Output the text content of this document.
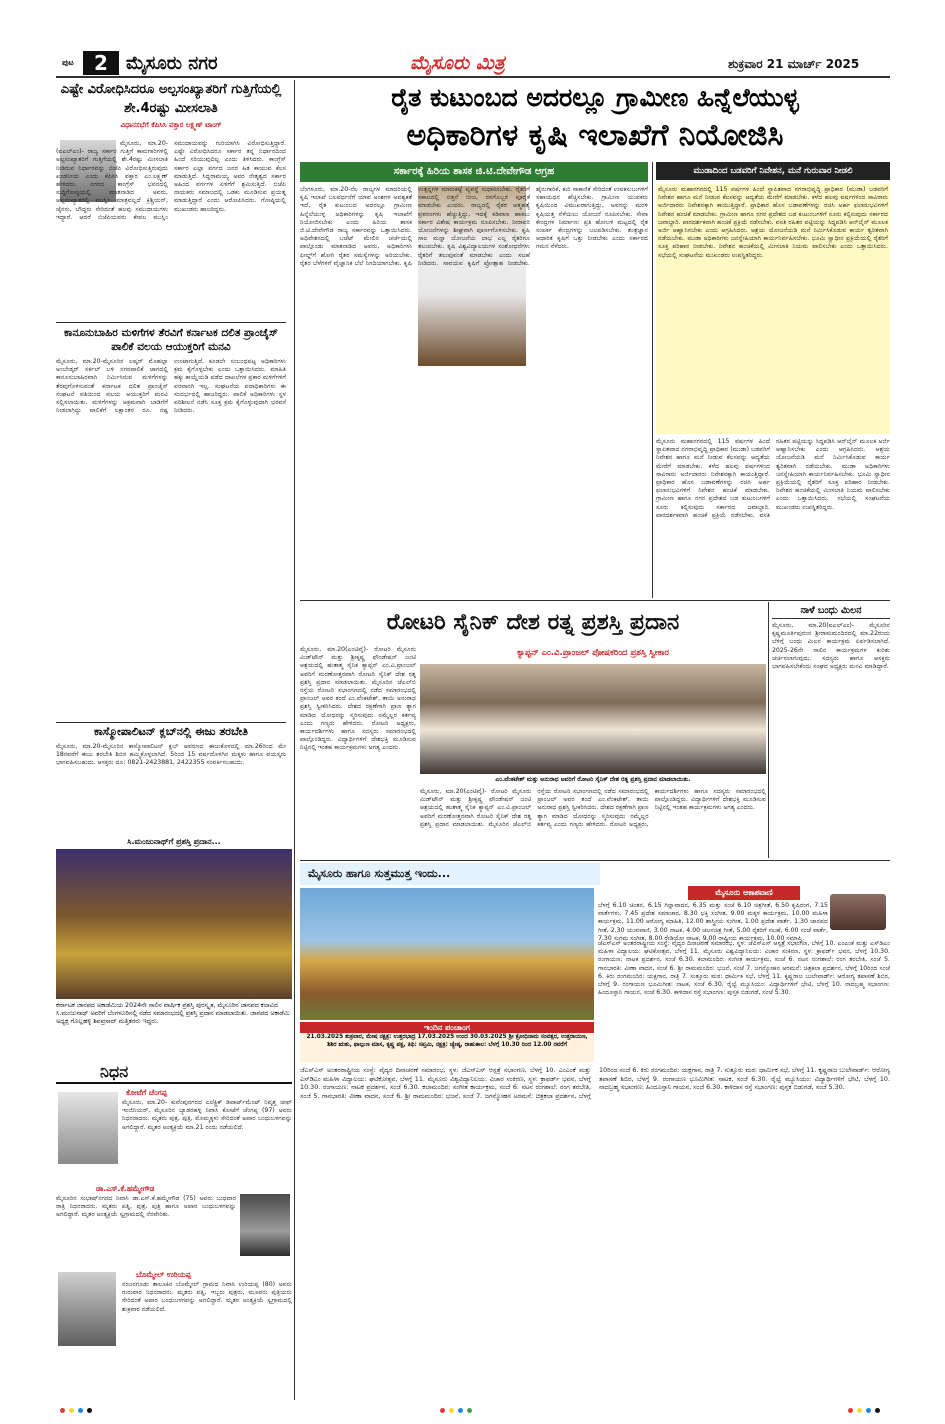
ಪುಟ	2	ಮೈಸೂರು ನಗರ	ಮೈಸೂರು ಮಿತ್ರ	ಶುಕ್ರವಾರ 21 ಮಾರ್ಚ್ 2025
ಎಷ್ಟೇ ವಿರೋಧಿಸಿದರೂ ಅಲ್ಪಸಂಖ್ಯಾತರಿಗೆ ಗುತ್ತಿಗೆಯಲ್ಲಿ ಶೇ.4ರಷ್ಟು ಮೀಸಲಾತಿ
ವಿಧಾನಸಭೆಗೆ ಕೆಪಿಸಿಸಿ ವಕ್ತಾರ ಲಕ್ಷ್ಮಣ್ ಟಾಂಗ್
ಮೈಸೂರು, ಮಾ.20- (ಐಎಲ್‌ಎಂ)- ರಾಜ್ಯ ಸರ್ಕಾರ ಗುತ್ತಿಗೆ ಕಾಮಗಾರಿಗಳಲ್ಲಿ ಅಲ್ಪಸಂಖ್ಯಾತರಿಗೆ ಗುತ್ತಿಗೆಯಲ್ಲಿ ಶೇ.4ರಷ್ಟು ಮೀಸಲಾತಿ ನೀಡಿರುವ ನಿರ್ಧಾರವನ್ನು ಬಿಜೆಪಿ ವಿರೋಧಿಸುತ್ತಿರುವುದು ಖಂಡನೀಯ ಎಂದು ಕೆಪಿಸಿಸಿ ವಕ್ತಾರ ಎಂ.ಲಕ್ಷ್ಮಣ್ ಹೇಳಿದರು. ನಗರದ ಕಾಂಗ್ರೆಸ್ ಭವನದಲ್ಲಿ ಸುದ್ದಿಗೋಷ್ಠಿಯಲ್ಲಿ ಮಾತನಾಡಿದ ಅವರು, ಅಲ್ಪಸಂಖ್ಯಾತರಲ್ಲಿ ಮುಸ್ಲಿಂ ಮಾತ್ರವಲ್ಲದೆ ಕ್ರಿಶ್ಚಿಯನ್, ಜೈನರು, ಬೌದ್ಧರು ಸೇರಿದಂತೆ ಹಲವು ಸಮುದಾಯಗಳು ಇದ್ದಾರೆ. ಆದರೆ ಬಿಜೆಪಿಯವರು ಕೇವಲ ಮುಸ್ಲಿಂ ಸಮುದಾಯವನ್ನು ಗುರಿಯಾಗಿಸಿ ವಿರೋಧಿಸುತ್ತಿದ್ದಾರೆ. ಎಷ್ಟೇ ವಿರೋಧಿಸಿದರೂ ಸರ್ಕಾರ ತನ್ನ ನಿರ್ಧಾರದಿಂದ ಹಿಂದೆ ಸರಿಯುವುದಿಲ್ಲ ಎಂದು ತಿಳಿಸಿದರು. ಕಾಂಗ್ರೆಸ್ ಸರ್ಕಾರ ಎಲ್ಲಾ ವರ್ಗದ ಜನರ ಹಿತ ಕಾಯುವ ಕೆಲಸ ಮಾಡುತ್ತಿದೆ. ಸಿದ್ದರಾಮಯ್ಯ ಅವರ ನೇತೃತ್ವದ ಸರ್ಕಾರ ಅಹಿಂದ ವರ್ಗಗಳ ಏಳಿಗೆಗೆ ಶ್ರಮಿಸುತ್ತಿದೆ. ಬಿಜೆಪಿ ನಾಯಕರು ಸಮಾಜದಲ್ಲಿ ಒಡಕು ಮೂಡಿಸುವ ಪ್ರಯತ್ನ ಮಾಡುತ್ತಿದ್ದಾರೆ ಎಂದು ಆರೋಪಿಸಿದರು. ಗೋಷ್ಠಿಯಲ್ಲಿ ಮುಖಂಡರು ಹಾಜರಿದ್ದರು.
ಕಾನೂನುಬಾಹಿರ ಮಳಿಗೆಗಳ ತೆರವಿಗೆ ಕರ್ನಾಟಕ ದಲಿತ ಪ್ರಾಂಚೈಸ್ ಪಾಲಿಕೆ ವಲಯ ಆಯುಕ್ತರಿಗೆ ಮನವಿ
ಮೈಸೂರು, ಮಾ.20-ಮೈಸೂರಿನ ಲಷ್ಕರ್ ಮೊಹಲ್ಲಾ ಅಂಬೇಡ್ಕರ್ ಸರ್ಕಲ್ ಬಳಿ ನಗರಪಾಲಿಕೆ ಜಾಗದಲ್ಲಿ ಕಾನೂನುಬಾಹಿರವಾಗಿ ನಿರ್ಮಿಸಿರುವ ಮಳಿಗೆಗಳನ್ನು ತೆರವುಗೊಳಿಸುವಂತೆ ಕರ್ನಾಟಕ ದಲಿತ ಪ್ರಾಂಚೈಸ್ ಸಂಘಟನೆ ವತಿಯಿಂದ ವಲಯ ಆಯುಕ್ತರಿಗೆ ಮನವಿ ಸಲ್ಲಿಸಲಾಯಿತು. ಮಳಿಗೆಗಳನ್ನು ಅಕ್ರಮವಾಗಿ ಬಾಡಿಗೆಗೆ ನೀಡಲಾಗಿದ್ದು ಪಾಲಿಕೆಗೆ ಲಕ್ಷಾಂತರ ರೂ. ನಷ್ಟ ಉಂಟಾಗುತ್ತಿದೆ. ಕೂಡಲೇ ಸಂಬಂಧಪಟ್ಟ ಅಧಿಕಾರಿಗಳು ಕ್ರಮ ಕೈಗೊಳ್ಳಬೇಕು ಎಂದು ಒತ್ತಾಯಿಸಿದರು. ಮಾಹಿತಿ ಹಕ್ಕು ಕಾಯ್ದೆಯಡಿ ಪಡೆದ ದಾಖಲೆಗಳ ಪ್ರಕಾರ ಮಳಿಗೆಗಳಿಗೆ ಪರವಾನಗಿ ಇಲ್ಲ. ಸಂಘಟನೆಯ ಪದಾಧಿಕಾರಿಗಳು ಈ ಸಂದರ್ಭದಲ್ಲಿ ಹಾಜರಿದ್ದರು. ಪಾಲಿಕೆ ಅಧಿಕಾರಿಗಳು ಸ್ಥಳ ಪರಿಶೀಲನೆ ನಡೆಸಿ ಸೂಕ್ತ ಕ್ರಮ ಕೈಗೊಳ್ಳುವುದಾಗಿ ಭರವಸೆ ನೀಡಿದರು.
ಕಾಸ್ಮೋಪಾಲಿಟನ್ ಕ್ಲಬ್‌ನಲ್ಲಿ ಈಜು ತರಬೇತಿ
ಮೈಸೂರು, ಮಾ.20-ಮೈಸೂರಿನ ಕಾಸ್ಮೋಪಾಲಿಟನ್ ಕ್ಲಬ್ ಆವರಣದ ಈಜುಕೊಳದಲ್ಲಿ ಮಾ.26ರಿಂದ ಮೇ 18ರವರೆಗೆ ಈಜು ತರಬೇತಿ ಶಿಬಿರ ಹಮ್ಮಿಕೊಳ್ಳಲಾಗಿದೆ. 5ರಿಂದ 15 ವರ್ಷದೊಳಗಿನ ಮಕ್ಕಳು ಹಾಗೂ ವಯಸ್ಕರು ಭಾಗವಹಿಸಬಹುದು. ಆಸಕ್ತರು ದೂ: 0821-2423881, 2422355 ಸಂಪರ್ಕಿಸಬಹುದು.
ಸಿ.ಮಂಜುನಾಥ್‌ಗೆ ಪ್ರಶಸ್ತಿ ಪ್ರದಾನ...
ಕರ್ನಾಟಕ ಜಾನಪದ ಅಕಾಡೆಮಿಯ 2024ನೇ ಸಾಲಿನ ವಾರ್ಷಿಕ ಪ್ರಶಸ್ತಿ ಪುರಸ್ಕೃತ, ಮೈಸೂರಿನ ಜಾನಪದ ಕಲಾವಿದ ಸಿ.ಮಂಜುನಾಥ್ ಅವರಿಗೆ ಬೆಂಗಳೂರಿನಲ್ಲಿ ನಡೆದ ಸಮಾರಂಭದಲ್ಲಿ ಪ್ರಶಸ್ತಿ ಪ್ರದಾನ ಮಾಡಲಾಯಿತು. ಜಾನಪದ ಅಕಾಡೆಮಿ ಅಧ್ಯಕ್ಷ ಗೊಲ್ಲಹಳ್ಳಿ ಶಿವಪ್ರಸಾದ್ ಮತ್ತಿತರರು ಇದ್ದರು.
ನಿಧನ
ಕೋಟೆಗೆ ಚೆಂಗಪ್ಪ
ಮೈಸೂರು, ಮಾ.20- ಕುವೆಂಪುನಗರದ ಎಲೆಕ್ಟ್ರಿಕ್ ಡಿಪಾರ್ಟ್‌ಮೆಂಟ್ ನಿವೃತ್ತ ಚೀಫ್ ಇಂಜಿನಿಯರ್, ಮೈಸೂರಿನ ಬ್ಯಾಡರಹಳ್ಳಿ ನಿವಾಸಿ ಕೋಟೆಗೆ ಚೆಂಗಪ್ಪ (97) ಅವರು ನಿಧನರಾದರು. ಮೃತರು ಪುತ್ರ, ಪುತ್ರಿ, ಮೊಮ್ಮಕ್ಕಳು ಸೇರಿದಂತೆ ಅಪಾರ ಬಂಧುಬಳಗವನ್ನು ಅಗಲಿದ್ದಾರೆ. ಮೃತರ ಅಂತ್ಯಕ್ರಿಯೆ ಮಾ.21 ರಂದು ನಡೆಯಲಿದೆ.
ಡಾ.ಎಸ್.ಕೆ.ಹಮ್ಮೇಗೌಡ
ಮೈಸೂರಿನ ಸುಭಾಷ್‌ನಗರದ ನಿವಾಸಿ ಡಾ.ಎಸ್.ಕೆ.ಹಮ್ಮೇಗೌಡ (75) ಅವರು ಬುಧವಾರ ರಾತ್ರಿ ನಿಧನರಾದರು. ಮೃತರು ಪತ್ನಿ, ಪುತ್ರ, ಪುತ್ರಿ ಹಾಗೂ ಅಪಾರ ಬಂಧುಬಳಗವನ್ನು ಅಗಲಿದ್ದಾರೆ. ಮೃತರ ಅಂತ್ಯಕ್ರಿಯೆ ಸ್ವಗ್ರಾಮದಲ್ಲಿ ನೆರವೇರಿತು.
ಬೊಮ್ಮೇಲ್ ಉರಿಯಪ್ಪ
ನಂಜನಗೂಡು ತಾಲೂಕಿನ ಬೊಮ್ಮೇಲ್ ಗ್ರಾಮದ ನಿವಾಸಿ ಉರಿಯಪ್ಪ (80) ಅವರು ಗುರುವಾರ ನಿಧನರಾದರು. ಮೃತರು ಪತ್ನಿ, ಇಬ್ಬರು ಪುತ್ರರು, ಮೂವರು ಪುತ್ರಿಯರು ಸೇರಿದಂತೆ ಅಪಾರ ಬಂಧುಬಳಗವನ್ನು ಅಗಲಿದ್ದಾರೆ. ಮೃತರ ಅಂತ್ಯಕ್ರಿಯೆ ಸ್ವಗ್ರಾಮದಲ್ಲಿ ಶುಕ್ರವಾರ ನಡೆಯಲಿದೆ.
ರೈತ ಕುಟುಂಬದ ಅದರಲ್ಲೂ ಗ್ರಾಮೀಣ ಹಿನ್ನೆಲೆಯುಳ್ಳ
ಅಧಿಕಾರಿಗಳ ಕೃಷಿ ಇಲಾಖೆಗೆ ನಿಯೋಜಿಸಿ
ಸರ್ಕಾರಕ್ಕೆ ಹಿರಿಯ ಶಾಸಕ ಜಿ.ಟಿ.ದೇವೇಗೌಡ ಆಗ್ರಹ
ಬೆಂಗಳೂರು, ಮಾ.20-ನೆಲ ರಾಜ್ಯಗಳ ಮಾದರಿಯಲ್ಲಿ ಕೃಷಿ ಇಲಾಖೆ ಬಲವರ್ಧನೆಗೆ ಯಾವ ಅಂಶಗಳ ಅವಶ್ಯಕತೆ ಇದೆ, ರೈತ ಕುಟುಂಬದ ಅದರಲ್ಲೂ ಗ್ರಾಮೀಣ ಹಿನ್ನೆಲೆಯುಳ್ಳ ಅಧಿಕಾರಿಗಳನ್ನು ಕೃಷಿ ಇಲಾಖೆಗೆ ನಿಯೋಜಿಸಬೇಕು ಎಂದು ಹಿರಿಯ ಶಾಸಕ ಜಿ.ಟಿ.ದೇವೇಗೌಡ ರಾಜ್ಯ ಸರ್ಕಾರವನ್ನು ಒತ್ತಾಯಿಸಿದರು. ಅಧಿವೇಶನದಲ್ಲಿ ಬಜೆಟ್ ಮೇಲಿನ ಚರ್ಚೆಯಲ್ಲಿ ಪಾಲ್ಗೊಂಡು ಮಾತನಾಡಿದ ಅವರು, ಅಧಿಕಾರಿಗಳು ಫೀಲ್ಡ್‌ಗೆ ಹೋಗಿ ರೈತರ ಸಮಸ್ಯೆಗಳನ್ನು ಅರಿಯಬೇಕು. ರೈತರ ಬೆಳೆಗಳಿಗೆ ವೈಜ್ಞಾನಿಕ ಬೆಲೆ ನಿಗದಿಯಾಗಬೇಕು. ಕೃಷಿ ಉತ್ಪನ್ನಗಳ ಮಾರುಕಟ್ಟೆ ವ್ಯವಸ್ಥೆ ಸುಧಾರಿಸಬೇಕು. ರೈತರಿಗೆ ಸಕಾಲದಲ್ಲಿ ಬಿತ್ತನೆ ಬೀಜ, ರಸಗೊಬ್ಬರ ಪೂರೈಕೆ ಮಾಡಬೇಕು ಎಂದರು. ರಾಜ್ಯದಲ್ಲಿ ರೈತರ ಆತ್ಮಹತ್ಯೆ ಪ್ರಕರಣಗಳು ಹೆಚ್ಚುತ್ತಿದ್ದು, ಇದಕ್ಕೆ ಕಡಿವಾಣ ಹಾಕಲು ಸರ್ಕಾರ ವಿಶೇಷ ಕಾರ್ಯಕ್ರಮ ರೂಪಿಸಬೇಕು. ನೀರಾವರಿ ಯೋಜನೆಗಳನ್ನು ಶೀಘ್ರವಾಗಿ ಪೂರ್ಣಗೊಳಿಸಬೇಕು. ಕೃಷಿ ಸಾಲ ಮನ್ನಾ ಯೋಜನೆಯ ಲಾಭ ಎಲ್ಲ ರೈತರಿಗೂ ತಲುಪಬೇಕು. ಕೃಷಿ ವಿಶ್ವವಿದ್ಯಾಲಯಗಳ ಸಂಶೋಧನೆಗಳು ರೈತರಿಗೆ ತಲುಪುವಂತೆ ಮಾಡಬೇಕು ಎಂದು ಸಲಹೆ ನೀಡಿದರು. ಸಾವಯವ ಕೃಷಿಗೆ ಪ್ರೋತ್ಸಾಹ ನೀಡಬೇಕು. ಹೈನುಗಾರಿಕೆ, ಕುರಿ ಸಾಕಾಣಿಕೆ ಸೇರಿದಂತೆ ಉಪಕಸುಬುಗಳಿಗೆ ಸಹಾಯಧನ ಹೆಚ್ಚಿಸಬೇಕು. ಗ್ರಾಮೀಣ ಯುವಕರು ಕೃಷಿಯಿಂದ ವಿಮುಖರಾಗುತ್ತಿದ್ದು, ಅವರನ್ನು ಮರಳಿ ಕೃಷಿಯತ್ತ ಸೆಳೆಯಲು ಯೋಜನೆ ರೂಪಿಸಬೇಕು. ಸೇವಾ ಕೇಂದ್ರಗಳ ನಿರ್ಮಾಣ: ಪ್ರತಿ ಹೋಬಳಿ ಮಟ್ಟದಲ್ಲಿ ರೈತ ಸಂಪರ್ಕ ಕೇಂದ್ರಗಳನ್ನು ಬಲಪಡಿಸಬೇಕು. ತಂತ್ರಜ್ಞಾನ ಆಧಾರಿತ ಕೃಷಿಗೆ ಒತ್ತು ನೀಡಬೇಕು ಎಂದು ಸರ್ಕಾರದ ಗಮನ ಸೆಳೆದರು.
ಮುಡಾದಿಂದ ಬಡವರಿಗೆ ನಿವೇಶನ, ಮನೆ ಗುರುವಾರ ನೀಡಲಿ
ಮೈಸೂರು ಮಹಾನಗರದಲ್ಲಿ 115 ವರ್ಷಗಳ ಹಿಂದೆ ಸ್ಥಾಪಿತವಾದ ನಗರಾಭಿವೃದ್ಧಿ ಪ್ರಾಧಿಕಾರ (ಮುಡಾ) ಬಡವರಿಗೆ ನಿವೇಶನ ಹಾಗೂ ಮನೆ ನೀಡುವ ಕೆಲಸವನ್ನು ಆದ್ಯತೆಯ ಮೇರೆಗೆ ಮಾಡಬೇಕು. ಕಳೆದ ಹಲವು ವರ್ಷಗಳಿಂದ ಸಾವಿರಾರು ಅರ್ಜಿದಾರರು ನಿವೇಶನಕ್ಕಾಗಿ ಕಾಯುತ್ತಿದ್ದಾರೆ. ಪ್ರಾಧಿಕಾರ ಹೊಸ ಬಡಾವಣೆಗಳನ್ನು ರಚಿಸಿ ಅರ್ಹ ಫಲಾನುಭವಿಗಳಿಗೆ ನಿವೇಶನ ಹಂಚಿಕೆ ಮಾಡಬೇಕು. ಗ್ರಾಮೀಣ ಹಾಗೂ ನಗರ ಪ್ರದೇಶದ ಬಡ ಕುಟುಂಬಗಳಿಗೆ ಸೂರು ಕಲ್ಪಿಸುವುದು ಸರ್ಕಾರದ ಜವಾಬ್ದಾರಿ. ಪಾರದರ್ಶಕವಾಗಿ ಹಂಚಿಕೆ ಪ್ರಕ್ರಿಯೆ ನಡೆಸಬೇಕು. ವಸತಿ ರಹಿತರ ಪಟ್ಟಿಯನ್ನು ಸಿದ್ಧಪಡಿಸಿ ಆನ್‌ಲೈನ್ ಮೂಲಕ ಅರ್ಜಿ ಆಹ್ವಾನಿಸಬೇಕು ಎಂದು ಆಗ್ರಹಿಸಿದರು. ಆಶ್ರಯ ಯೋಜನೆಯಡಿ ಮನೆ ನಿರ್ಮಿಸಿಕೊಡುವ ಕಾರ್ಯ ತ್ವರಿತವಾಗಿ ನಡೆಯಬೇಕು. ಮುಡಾ ಅಧಿಕಾರಿಗಳು ಜನಸ್ನೇಹಿಯಾಗಿ ಕಾರ್ಯನಿರ್ವಹಿಸಬೇಕು. ಭೂಮಿ ಸ್ವಾಧೀನ ಪ್ರಕ್ರಿಯೆಯಲ್ಲಿ ರೈತರಿಗೆ ಸೂಕ್ತ ಪರಿಹಾರ ನೀಡಬೇಕು. ನಿವೇಶನ ಹಂಚಿಕೆಯಲ್ಲಿ ಮೀಸಲಾತಿ ನಿಯಮ ಪಾಲಿಸಬೇಕು ಎಂದು ಒತ್ತಾಯಿಸಿದರು. ಸಭೆಯಲ್ಲಿ ಸಂಘಟನೆಯ ಮುಖಂಡರು ಉಪಸ್ಥಿತರಿದ್ದರು.
ಮೈಸೂರು ಮಹಾನಗರದಲ್ಲಿ 115 ವರ್ಷಗಳ ಹಿಂದೆ ಸ್ಥಾಪಿತವಾದ ನಗರಾಭಿವೃದ್ಧಿ ಪ್ರಾಧಿಕಾರ (ಮುಡಾ) ಬಡವರಿಗೆ ನಿವೇಶನ ಹಾಗೂ ಮನೆ ನೀಡುವ ಕೆಲಸವನ್ನು ಆದ್ಯತೆಯ ಮೇರೆಗೆ ಮಾಡಬೇಕು. ಕಳೆದ ಹಲವು ವರ್ಷಗಳಿಂದ ಸಾವಿರಾರು ಅರ್ಜಿದಾರರು ನಿವೇಶನಕ್ಕಾಗಿ ಕಾಯುತ್ತಿದ್ದಾರೆ. ಪ್ರಾಧಿಕಾರ ಹೊಸ ಬಡಾವಣೆಗಳನ್ನು ರಚಿಸಿ ಅರ್ಹ ಫಲಾನುಭವಿಗಳಿಗೆ ನಿವೇಶನ ಹಂಚಿಕೆ ಮಾಡಬೇಕು. ಗ್ರಾಮೀಣ ಹಾಗೂ ನಗರ ಪ್ರದೇಶದ ಬಡ ಕುಟುಂಬಗಳಿಗೆ ಸೂರು ಕಲ್ಪಿಸುವುದು ಸರ್ಕಾರದ ಜವಾಬ್ದಾರಿ. ಪಾರದರ್ಶಕವಾಗಿ ಹಂಚಿಕೆ ಪ್ರಕ್ರಿಯೆ ನಡೆಸಬೇಕು. ವಸತಿ ರಹಿತರ ಪಟ್ಟಿಯನ್ನು ಸಿದ್ಧಪಡಿಸಿ ಆನ್‌ಲೈನ್ ಮೂಲಕ ಅರ್ಜಿ ಆಹ್ವಾನಿಸಬೇಕು ಎಂದು ಆಗ್ರಹಿಸಿದರು. ಆಶ್ರಯ ಯೋಜನೆಯಡಿ ಮನೆ ನಿರ್ಮಿಸಿಕೊಡುವ ಕಾರ್ಯ ತ್ವರಿತವಾಗಿ ನಡೆಯಬೇಕು. ಮುಡಾ ಅಧಿಕಾರಿಗಳು ಜನಸ್ನೇಹಿಯಾಗಿ ಕಾರ್ಯನಿರ್ವಹಿಸಬೇಕು. ಭೂಮಿ ಸ್ವಾಧೀನ ಪ್ರಕ್ರಿಯೆಯಲ್ಲಿ ರೈತರಿಗೆ ಸೂಕ್ತ ಪರಿಹಾರ ನೀಡಬೇಕು. ನಿವೇಶನ ಹಂಚಿಕೆಯಲ್ಲಿ ಮೀಸಲಾತಿ ನಿಯಮ ಪಾಲಿಸಬೇಕು ಎಂದು ಒತ್ತಾಯಿಸಿದರು. ಸಭೆಯಲ್ಲಿ ಸಂಘಟನೆಯ ಮುಖಂಡರು ಉಪಸ್ಥಿತರಿದ್ದರು.
ರೋಟರಿ ಸೈನಿಕ್ ದೇಶ ರತ್ನ ಪ್ರಶಸ್ತಿ ಪ್ರದಾನ
ಕ್ಯಾಪ್ಟನ್ ಎಂ.ವಿ.ಪ್ರಾಂಜಲ್ ಪೋಷಕರಿಂದ ಪ್ರಶಸ್ತಿ ಸ್ವೀಕಾರ
ಮೈಸೂರು, ಮಾ.20(ಎಂಟಿವೈ)- ರೋಟರಿ ಮೈಸೂರು ಮಿಡ್‌ಟೌನ್ ಮತ್ತು ಶ್ರೀಕೃಷ್ಣ ಫೌಂಡೇಷನ್ ಜಂಟಿ ಆಶ್ರಯದಲ್ಲಿ ಹುತಾತ್ಮ ಸೈನಿಕ ಕ್ಯಾಪ್ಟನ್ ಎಂ.ವಿ.ಪ್ರಾಂಜಲ್ ಅವರಿಗೆ ಮರಣೋತ್ತರವಾಗಿ ರೋಟರಿ ಸೈನಿಕ್ ದೇಶ ರತ್ನ ಪ್ರಶಸ್ತಿ ಪ್ರದಾನ ಮಾಡಲಾಯಿತು. ಮೈಸೂರಿನ ಜೆಎಲ್‌ಬಿ ರಸ್ತೆಯ ರೋಟರಿ ಸಭಾಂಗಣದಲ್ಲಿ ನಡೆದ ಸಮಾರಂಭದಲ್ಲಿ ಪ್ರಾಂಜಲ್ ಅವರ ತಂದೆ ಎಂ.ವೆಂಕಟೇಶ್, ತಾಯಿ ಅನುರಾಧ ಪ್ರಶಸ್ತಿ ಸ್ವೀಕರಿಸಿದರು. ದೇಶದ ರಕ್ಷಣೆಗಾಗಿ ಪ್ರಾಣ ತ್ಯಾಗ ಮಾಡಿದ ಯೋಧರನ್ನು ಸ್ಮರಿಸುವುದು ನಮ್ಮೆಲ್ಲರ ಕರ್ತವ್ಯ ಎಂದು ಗಣ್ಯರು ಹೇಳಿದರು. ರೋಟರಿ ಅಧ್ಯಕ್ಷರು, ಕಾರ್ಯದರ್ಶಿಗಳು ಹಾಗೂ ಸದಸ್ಯರು ಸಮಾರಂಭದಲ್ಲಿ ಪಾಲ್ಗೊಂಡಿದ್ದರು. ವಿದ್ಯಾರ್ಥಿಗಳಿಗೆ ದೇಶಭಕ್ತಿ ಮೂಡಿಸುವ ನಿಟ್ಟಿನಲ್ಲಿ ಇಂತಹ ಕಾರ್ಯಕ್ರಮಗಳು ಅಗತ್ಯ ಎಂದರು.
ಎಂ.ವೆಂಕಟೇಶ್ ಮತ್ತು ಅನುರಾಧ ಅವರಿಗೆ ರೋಟರಿ ಸೈನಿಕ್ ದೇಶ ರತ್ನ ಪ್ರಶಸ್ತಿ ಪ್ರದಾನ ಮಾಡಲಾಯಿತು.
ಮೈಸೂರು, ಮಾ.20(ಎಂಟಿವೈ)- ರೋಟರಿ ಮೈಸೂರು ಮಿಡ್‌ಟೌನ್ ಮತ್ತು ಶ್ರೀಕೃಷ್ಣ ಫೌಂಡೇಷನ್ ಜಂಟಿ ಆಶ್ರಯದಲ್ಲಿ ಹುತಾತ್ಮ ಸೈನಿಕ ಕ್ಯಾಪ್ಟನ್ ಎಂ.ವಿ.ಪ್ರಾಂಜಲ್ ಅವರಿಗೆ ಮರಣೋತ್ತರವಾಗಿ ರೋಟರಿ ಸೈನಿಕ್ ದೇಶ ರತ್ನ ಪ್ರಶಸ್ತಿ ಪ್ರದಾನ ಮಾಡಲಾಯಿತು. ಮೈಸೂರಿನ ಜೆಎಲ್‌ಬಿ ರಸ್ತೆಯ ರೋಟರಿ ಸಭಾಂಗಣದಲ್ಲಿ ನಡೆದ ಸಮಾರಂಭದಲ್ಲಿ ಪ್ರಾಂಜಲ್ ಅವರ ತಂದೆ ಎಂ.ವೆಂಕಟೇಶ್, ತಾಯಿ ಅನುರಾಧ ಪ್ರಶಸ್ತಿ ಸ್ವೀಕರಿಸಿದರು. ದೇಶದ ರಕ್ಷಣೆಗಾಗಿ ಪ್ರಾಣ ತ್ಯಾಗ ಮಾಡಿದ ಯೋಧರನ್ನು ಸ್ಮರಿಸುವುದು ನಮ್ಮೆಲ್ಲರ ಕರ್ತವ್ಯ ಎಂದು ಗಣ್ಯರು ಹೇಳಿದರು. ರೋಟರಿ ಅಧ್ಯಕ್ಷರು, ಕಾರ್ಯದರ್ಶಿಗಳು ಹಾಗೂ ಸದಸ್ಯರು ಸಮಾರಂಭದಲ್ಲಿ ಪಾಲ್ಗೊಂಡಿದ್ದರು. ವಿದ್ಯಾರ್ಥಿಗಳಿಗೆ ದೇಶಭಕ್ತಿ ಮೂಡಿಸುವ ನಿಟ್ಟಿನಲ್ಲಿ ಇಂತಹ ಕಾರ್ಯಕ್ರಮಗಳು ಅಗತ್ಯ ಎಂದರು.
ನಾಳೆ ಬಂಧು ಮಿಲನ
ಮೈಸೂರು, ಮಾ.20(ಐಎಲ್‌ಎಂ)- ಮೈಸೂರಿನ ಕೃಷ್ಣಮೂರ್ತಿಪುರಂನ ಶ್ರೀರಾಮಮಂದಿರದಲ್ಲಿ ಮಾ.22ರಂದು ಬೆಳಿಗ್ಗೆ ಬಂಧು ಮಿಲನ ಕಾರ್ಯಕ್ರಮ ಏರ್ಪಡಿಸಲಾಗಿದೆ. 2025-26ನೇ ಸಾಲಿನ ಕಾರ್ಯಕ್ರಮಗಳ ಕುರಿತು ಚರ್ಚಿಸಲಾಗುವುದು. ಸದಸ್ಯರು ಹಾಗೂ ಆಸಕ್ತರು ಭಾಗವಹಿಸಬೇಕೆಂದು ಸಂಘದ ಅಧ್ಯಕ್ಷರು ಮನವಿ ಮಾಡಿದ್ದಾರೆ.
ಮೈಸೂರು ಹಾಗೂ ಸುತ್ತಮುತ್ತ ಇಂದು...
ಇಂದಿನ ಪಂಚಾಂಗ
21.03.2025 ಶುಕ್ರವಾರ, ಮೇಷ ನಕ್ಷತ್ರ: ಉತ್ತರಭಾದ್ರ 17.03.2025 ಉಂದ 30.03.2025 ಶ್ರೀ ಕ್ರೋಧಿನಾಮ ಸಂವತ್ಸರ, ಉತ್ತರಾಯಣ, ಶಿಶಿರ ಋತು, ಫಾಲ್ಗುಣ ಮಾಸ, ಕೃಷ್ಣ ಪಕ್ಷ, ತಿಥಿ: ಸಪ್ತಮಿ, ನಕ್ಷತ್ರ: ಜ್ಯೇಷ್ಠ, ರಾಹುಕಾಲ: ಬೆಳಗ್ಗೆ 10.30 ರಿಂದ 12.00 ರವರೆಗೆ
ಮೈಸೂರು ಆಕಾಶವಾಣಿ
ಬೆಳಗ್ಗೆ 6.10 ಚಿಂತನ, 6.15 ಗಿನ್ನಾವಾದನ, 6.35 ಮತ್ತು ಸಂಜೆ 6.10 ಚಿತ್ರಗೀತೆ, 6.50 ಕೃಷಿರಂಗ, 7.15 ವಾರ್ತೆಗಳು, 7.45 ಪ್ರದೇಶ ಸಮಾಚಾರ, 8.30 ಭಕ್ತಿ ಸಂಗೀತ, 9.00 ಮಕ್ಕಳ ಕಾರ್ಯಕ್ರಮ, 10.00 ಮಹಿಳಾ ಕಾರ್ಯಕ್ರಮ, 11.00 ಆರೋಗ್ಯ ಮಾಹಿತಿ, 12.00 ಶಾಸ್ತ್ರೀಯ ಸಂಗೀತ, 1.00 ಪ್ರದೇಶ ವಾರ್ತೆ, 1.30 ಜಾನಪದ ಗೀತೆ, 2.30 ಯುವವಾಣಿ, 3.00 ನಾಟಕ, 4.00 ಚಲನಚಿತ್ರ ಗೀತೆ, 5.00 ರೈತರಿಗೆ ಸಲಹೆ, 6.00 ಸಂಜೆ ವಾರ್ತೆ, 7.30 ಸುಗಮ ಸಂಗೀತ, 8.00 ರೇಡಿಯೋ ನಾಟಕ, 9.00 ರಾಷ್ಟ್ರೀಯ ಕಾರ್ಯಕ್ರಮ, 10.00 ಸಮಾಪ್ತಿ.
ಜೆಎಸ್‌ಎಸ್ ಅಂತರರಾಷ್ಟ್ರೀಯ ಸಂಸ್ಥೆ: ವೈದ್ಯರ ದಿನಾಚರಣೆ ಸಮಾರಂಭ, ಸ್ಥಳ: ಜೆಎಸ್‌ಎಸ್ ಆಸ್ಪತ್ರೆ ಸಭಾಂಗಣ, ಬೆಳಗ್ಗೆ 10. ಎಂಎಂಕೆ ಮತ್ತು ಎಸ್‌ಡಿಎಂ ಮಹಿಳಾ ವಿದ್ಯಾಲಯ: ಘಟಿಕೋತ್ಸವ, ಬೆಳಗ್ಗೆ 11. ಮೈಸೂರು ವಿಶ್ವವಿದ್ಯಾನಿಲಯ: ವಿಚಾರ ಸಂಕಿರಣ, ಸ್ಥಳ: ಕ್ರಾಫರ್ಡ್ ಭವನ, ಬೆಳಗ್ಗೆ 10.30. ರಂಗಾಯಣ: ನಾಟಕ ಪ್ರದರ್ಶನ, ಸಂಜೆ 6.30. ಕಲಾಮಂದಿರ: ಸಂಗೀತ ಕಾರ್ಯಕ್ರಮ, ಸಂಜೆ 6. ನಟನ ರಂಗಶಾಲೆ: ರಂಗ ತರಬೇತಿ, ಸಂಜೆ 5. ಗಾನಭಾರತಿ: ವೀಣಾ ವಾದನ, ಸಂಜೆ 6. ಶ್ರೀ ರಾಮಮಂದಿರ: ಭಜನೆ, ಸಂಜೆ 7. ಜಗನ್ಮೋಹನ ಅರಮನೆ: ಚಿತ್ರಕಲಾ ಪ್ರದರ್ಶನ, ಬೆಳಗ್ಗೆ 10ರಿಂದ ಸಂಜೆ 6. ಕಿರು ರಂಗಮಂದಿರ: ಯಕ್ಷಗಾನ, ರಾತ್ರಿ 7. ಸುತ್ತೂರು ಮಠ: ಧಾರ್ಮಿಕ ಸಭೆ, ಬೆಳಗ್ಗೆ 11. ಕೃಷ್ಣರಾಜ ಬುಲೇವಾರ್ಡ್: ಆರೋಗ್ಯ ತಪಾಸಣೆ ಶಿಬಿರ, ಬೆಳಗ್ಗೆ 9. ರಂಗಾಯಣ ಭೂಮಿಗೀತ: ನಾಟಕ, ಸಂಜೆ 6.30. ರೈಲ್ವೆ ಮ್ಯೂಸಿಯಂ: ವಿದ್ಯಾರ್ಥಿಗಳಿಗೆ ಭೇಟಿ, ಬೆಳಗ್ಗೆ 10. ನಾದಬ್ರಹ್ಮ ಸಭಾಂಗಣ: ಹಿಂದೂಸ್ತಾನಿ ಗಾಯನ, ಸಂಜೆ 6.30. ಕಾಳಿದಾಸ ರಸ್ತೆ ಸಭಾಂಗಣ: ಪುಸ್ತಕ ಬಿಡುಗಡೆ, ಸಂಜೆ 5.30.
ಜೆಎಸ್‌ಎಸ್ ಅಂತರರಾಷ್ಟ್ರೀಯ ಸಂಸ್ಥೆ: ವೈದ್ಯರ ದಿನಾಚರಣೆ ಸಮಾರಂಭ, ಸ್ಥಳ: ಜೆಎಸ್‌ಎಸ್ ಆಸ್ಪತ್ರೆ ಸಭಾಂಗಣ, ಬೆಳಗ್ಗೆ 10. ಎಂಎಂಕೆ ಮತ್ತು ಎಸ್‌ಡಿಎಂ ಮಹಿಳಾ ವಿದ್ಯಾಲಯ: ಘಟಿಕೋತ್ಸವ, ಬೆಳಗ್ಗೆ 11. ಮೈಸೂರು ವಿಶ್ವವಿದ್ಯಾನಿಲಯ: ವಿಚಾರ ಸಂಕಿರಣ, ಸ್ಥಳ: ಕ್ರಾಫರ್ಡ್ ಭವನ, ಬೆಳಗ್ಗೆ 10.30. ರಂಗಾಯಣ: ನಾಟಕ ಪ್ರದರ್ಶನ, ಸಂಜೆ 6.30. ಕಲಾಮಂದಿರ: ಸಂಗೀತ ಕಾರ್ಯಕ್ರಮ, ಸಂಜೆ 6. ನಟನ ರಂಗಶಾಲೆ: ರಂಗ ತರಬೇತಿ, ಸಂಜೆ 5. ಗಾನಭಾರತಿ: ವೀಣಾ ವಾದನ, ಸಂಜೆ 6. ಶ್ರೀ ರಾಮಮಂದಿರ: ಭಜನೆ, ಸಂಜೆ 7. ಜಗನ್ಮೋಹನ ಅರಮನೆ: ಚಿತ್ರಕಲಾ ಪ್ರದರ್ಶನ, ಬೆಳಗ್ಗೆ 10ರಿಂದ ಸಂಜೆ 6. ಕಿರು ರಂಗಮಂದಿರ: ಯಕ್ಷಗಾನ, ರಾತ್ರಿ 7. ಸುತ್ತೂರು ಮಠ: ಧಾರ್ಮಿಕ ಸಭೆ, ಬೆಳಗ್ಗೆ 11. ಕೃಷ್ಣರಾಜ ಬುಲೇವಾರ್ಡ್: ಆರೋಗ್ಯ ತಪಾಸಣೆ ಶಿಬಿರ, ಬೆಳಗ್ಗೆ 9. ರಂಗಾಯಣ ಭೂಮಿಗೀತ: ನಾಟಕ, ಸಂಜೆ 6.30. ರೈಲ್ವೆ ಮ್ಯೂಸಿಯಂ: ವಿದ್ಯಾರ್ಥಿಗಳಿಗೆ ಭೇಟಿ, ಬೆಳಗ್ಗೆ 10. ನಾದಬ್ರಹ್ಮ ಸಭಾಂಗಣ: ಹಿಂದೂಸ್ತಾನಿ ಗಾಯನ, ಸಂಜೆ 6.30. ಕಾಳಿದಾಸ ರಸ್ತೆ ಸಭಾಂಗಣ: ಪುಸ್ತಕ ಬಿಡುಗಡೆ, ಸಂಜೆ 5.30.
